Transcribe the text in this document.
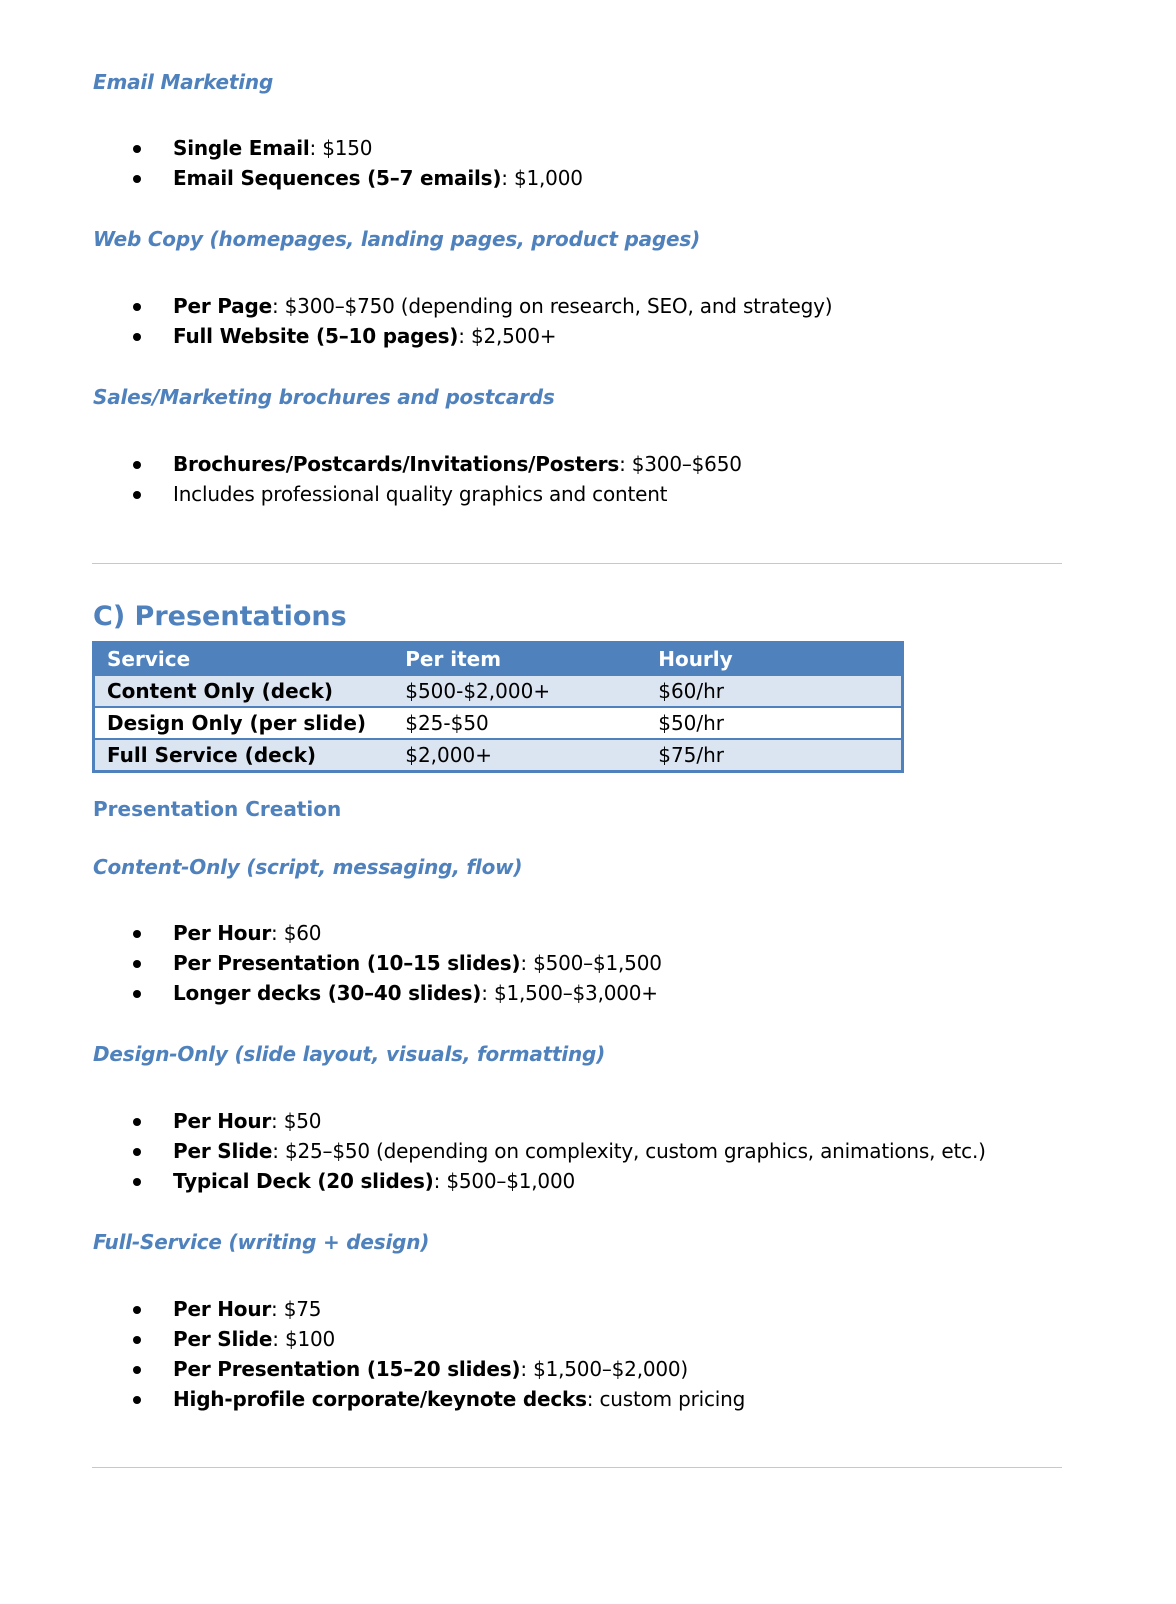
Email Marketing
Single Email: $150
Email Sequences (5–7 emails): $1,000
Web Copy (homepages, landing pages, product pages)
Per Page: $300–$750 (depending on research, SEO, and strategy)
Full Website (5–10 pages): $2,500+
Sales/Marketing brochures and postcards
Brochures/Postcards/Invitations/Posters: $300–$650
Includes professional quality graphics and content
C) Presentations
Service	Per item	Hourly
Content Only (deck)	$500-$2,000+	$60/hr
Design Only (per slide)	$25-$50	$50/hr
Full Service (deck)	$2,000+	$75/hr
Presentation Creation
Content-Only (script, messaging, flow)
Per Hour: $60
Per Presentation (10–15 slides): $500–$1,500
Longer decks (30–40 slides): $1,500–$3,000+
Design-Only (slide layout, visuals, formatting)
Per Hour: $50
Per Slide: $25–$50 (depending on complexity, custom graphics, animations, etc.)
Typical Deck (20 slides): $500–$1,000
Full-Service (writing + design)
Per Hour: $75
Per Slide: $100
Per Presentation (15–20 slides): $1,500–$2,000)
High-profile corporate/keynote decks: custom pricing
